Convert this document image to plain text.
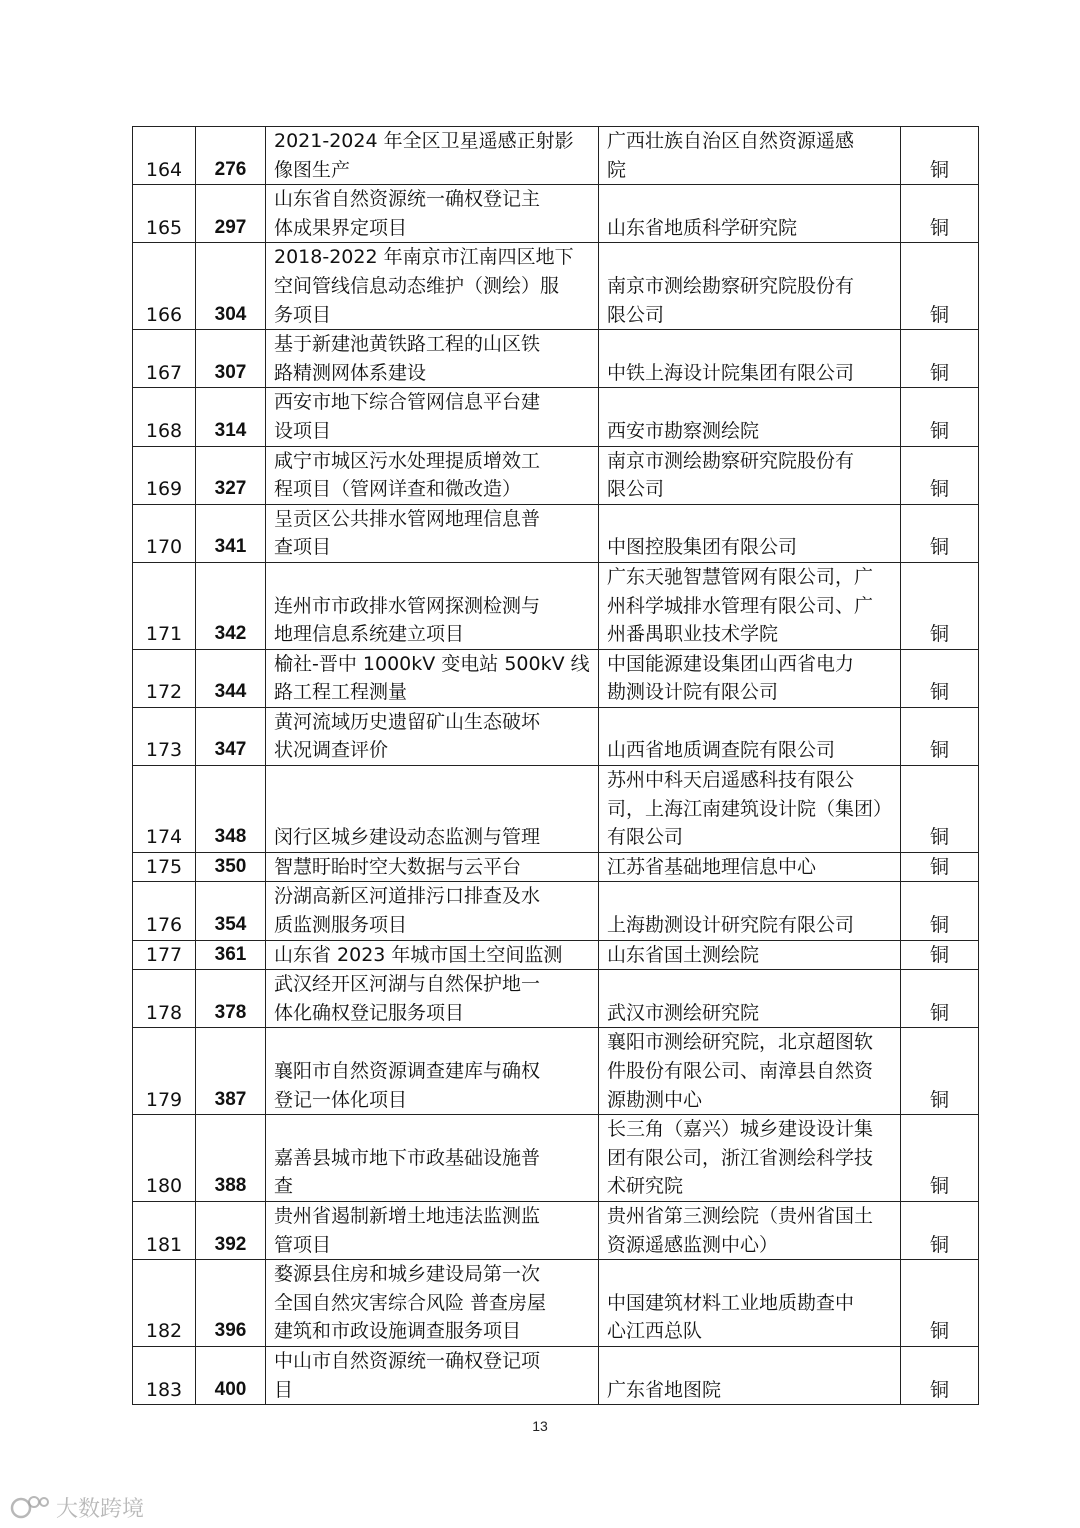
164	276	2021-2024 年全区卫星遥感正射影
像图生产	广西壮族自治区自然资源遥感
院	铜

165	297	山东省自然资源统一确权登记主
体成果界定项目	山东省地质科学研究院	铜

166	304	2018-2022 年南京市江南四区地下
空间管线信息动态维护（测绘）服
务项目	南京市测绘勘察研究院股份有
限公司	铜

167	307	基于新建池黄铁路工程的山区铁
路精测网体系建设	中铁上海设计院集团有限公司	铜

168	314	西安市地下综合管网信息平台建
设项目	西安市勘察测绘院	铜

169	327	咸宁市城区污水处理提质增效工
程项目（管网详查和微改造）	南京市测绘勘察研究院股份有
限公司	铜

170	341	呈贡区公共排水管网地理信息普
查项目	中图控股集团有限公司	铜

171	342	连州市市政排水管网探测检测与
地理信息系统建立项目	广东天驰智慧管网有限公司，广
州科学城排水管理有限公司、广
州番禺职业技术学院	铜

172	344	榆社-晋中 1000kV 变电站 500kV 线
路工程工程测量	中国能源建设集团山西省电力
勘测设计院有限公司	铜

173	347	黄河流域历史遗留矿山生态破坏
状况调查评价	山西省地质调查院有限公司	铜

174	348	闵行区城乡建设动态监测与管理	苏州中科天启遥感科技有限公
司，上海江南建筑设计院（集团）
有限公司	铜

175	350	智慧盱眙时空大数据与云平台	江苏省基础地理信息中心	铜

176	354	汾湖高新区河道排污口排查及水
质监测服务项目	上海勘测设计研究院有限公司	铜

177	361	山东省 2023 年城市国土空间监测	山东省国土测绘院	铜

178	378	武汉经开区河湖与自然保护地一
体化确权登记服务项目	武汉市测绘研究院	铜

179	387	襄阳市自然资源调查建库与确权
登记一体化项目	襄阳市测绘研究院，北京超图软
件股份有限公司、南漳县自然资
源勘测中心	铜

180	388	嘉善县城市地下市政基础设施普
查	长三角（嘉兴）城乡建设设计集
团有限公司，浙江省测绘科学技
术研究院	铜

181	392	贵州省遏制新增土地违法监测监
管项目	贵州省第三测绘院（贵州省国土
资源遥感监测中心）	铜

182	396	婺源县住房和城乡建设局第一次
全国自然灾害综合风险 普查房屋
建筑和市政设施调查服务项目	中国建筑材料工业地质勘查中
心江西总队	铜

183	400	中山市自然资源统一确权登记项
目	广东省地图院	铜
13
大数跨境
